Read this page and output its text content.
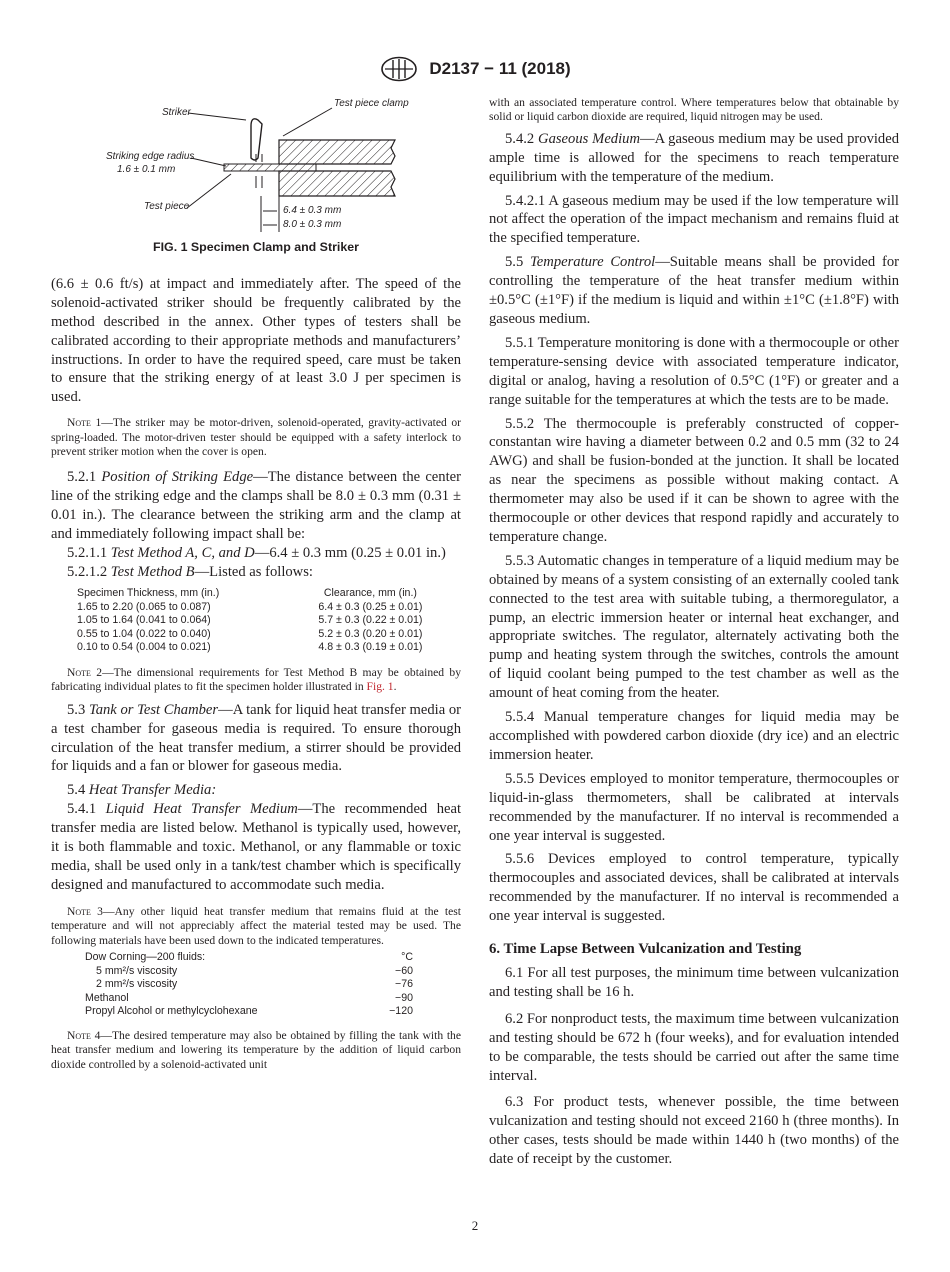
D2137 − 11 (2018)
Striker
Test piece clamp
Striking edge radius
1.6 ± 0.1 mm
Test piece	6.4 ± 0.3 mm
8.0 ± 0.3 mm
FIG. 1 Specimen Clamp and Striker

(6.6 ± 0.6 ft/s) at impact and immediately after. The speed of the solenoid-activated striker should be frequently calibrated by the method described in the annex. Other types of testers shall be calibrated according to their appropriate methods and manufacturers’ instructions. In order to have the required speed, care must be taken to ensure that the striking energy of at least 3.0 J per specimen is used.

Note 1—The striker may be motor-driven, solenoid-operated, gravity-activated or spring-loaded. The motor-driven tester should be equipped with a safety interlock to prevent striker motion when the cover is open.

5.2.1 Position of Striking Edge—The distance between the center line of the striking edge and the clamps shall be 8.0 ± 0.3 mm (0.31 ± 0.01 in.). The clearance between the striking arm and the clamp at and immediately following impact shall be:

5.2.1.1 Test Method A, C, and D—6.4 ± 0.3 mm (0.25 ± 0.01 in.)

5.2.1.2 Test Method B—Listed as follows:

Specimen Thickness, mm (in.)	Clearance, mm (in.)
1.65 to 2.20 (0.065 to 0.087)	6.4 ± 0.3 (0.25 ± 0.01)
1.05 to 1.64 (0.041 to 0.064)	5.7 ± 0.3 (0.22 ± 0.01)
0.55 to 1.04 (0.022 to 0.040)	5.2 ± 0.3 (0.20 ± 0.01)
0.10 to 0.54 (0.004 to 0.021)	4.8 ± 0.3 (0.19 ± 0.01)

Note 2—The dimensional requirements for Test Method B may be obtained by fabricating individual plates to fit the specimen holder illustrated in Fig. 1.

5.3 Tank or Test Chamber—A tank for liquid heat transfer media or a test chamber for gaseous media is required. To ensure thorough circulation of the heat transfer medium, a stirrer should be provided for liquids and a fan or blower for gaseous media.

5.4 Heat Transfer Media:

5.4.1 Liquid Heat Transfer Medium—The recommended heat transfer media are listed below. Methanol is typically used, however, it is both flammable and toxic. Methanol, or any flammable or toxic media, shall be used only in a tank/test chamber which is specifically designed and manufactured to accommodate such media.

Note 3—Any other liquid heat transfer medium that remains fluid at the test temperature and will not appreciably affect the material tested may be used. The following materials have been used down to the indicated temperatures.

Dow Corning—200 fluids:	°C
5 mm²/s viscosity	−60
2 mm²/s viscosity	−76
Methanol	−90
Propyl Alcohol or methylcyclohexane	−120

Note 4—The desired temperature may also be obtained by filling the tank with the heat transfer medium and lowering its temperature by the addition of liquid carbon dioxide controlled by a solenoid-activated unit

with an associated temperature control. Where temperatures below that obtainable by solid or liquid carbon dioxide are required, liquid nitrogen may be used.

5.4.2 Gaseous Medium—A gaseous medium may be used provided ample time is allowed for the specimens to reach temperature equilibrium with the temperature of the medium.

5.4.2.1 A gaseous medium may be used if the low temperature will not affect the operation of the impact mechanism and remains fluid at the specified temperature.

5.5 Temperature Control—Suitable means shall be provided for controlling the temperature of the heat transfer medium within ±0.5°C (±1°F) if the medium is liquid and within ±1°C (±1.8°F) with gaseous medium.

5.5.1 Temperature monitoring is done with a thermocouple or other temperature-sensing device with associated temperature indicator, digital or analog, having a resolution of 0.5°C (1°F) or greater and a range suitable for the temperatures at which the tests are to be made.

5.5.2 The thermocouple is preferably constructed of copper-constantan wire having a diameter between 0.2 and 0.5 mm (32 to 24 AWG) and shall be fusion-bonded at the junction. It shall be located as near the specimens as possible without making contact. A thermometer may also be used if it can be shown to agree with the thermocouple or other devices that respond rapidly and accurately to temperature change.

5.5.3 Automatic changes in temperature of a liquid medium may be obtained by means of a system consisting of an externally cooled tank connected to the test area with suitable tubing, a thermoregulator, a pump, an electric immersion heater or internal heat exchanger, and appropriate switches. The regulator, alternately activating both the pump and heating system through the switches, controls the amount of liquid coolant being pumped to the test chamber as well as the amount of heat coming from the heater.

5.5.4 Manual temperature changes for liquid media may be accomplished with powdered carbon dioxide (dry ice) and an electric immersion heater.

5.5.5 Devices employed to monitor temperature, thermocouples or liquid-in-glass thermometers, shall be calibrated at intervals recommended by the manufacturer. If no interval is recommended a one year interval is suggested.

5.5.6 Devices employed to control temperature, typically thermocouples and associated devices, shall be calibrated at intervals recommended by the manufacturer. If no interval is recommended a one year interval is suggested.

6. Time Lapse Between Vulcanization and Testing

6.1 For all test purposes, the minimum time between vulcanization and testing shall be 16 h.

6.2 For nonproduct tests, the maximum time between vulcanization and testing should be 672 h (four weeks), and for evaluation intended to be comparable, the tests should be carried out after the same time interval.

6.3 For product tests, whenever possible, the time between vulcanization and testing should not exceed 2160 h (three months). In other cases, tests should be made within 1440 h (two months) of the date of receipt by the customer.

2
